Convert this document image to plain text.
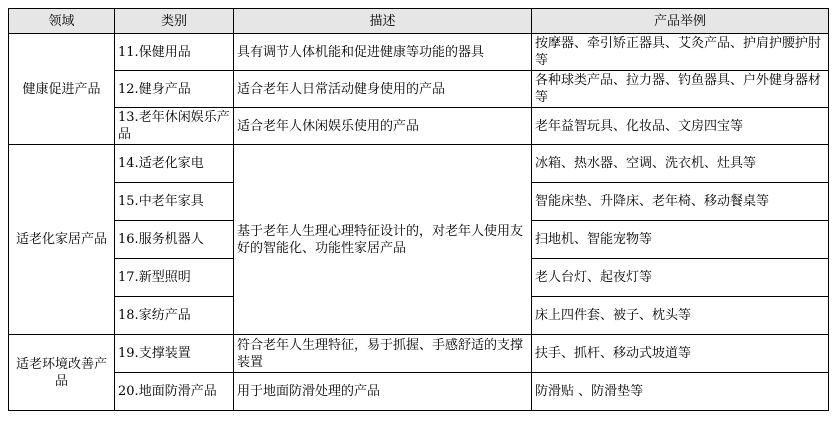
领域	类别	描述	产品举例
健康促进产品	11.保健用品	具有调节人体机能和促进健康等功能的器具	按摩器、牵引矫正器具、艾灸产品、护肩护腰护肘等
	12.健身产品	适合老年人日常活动健身使用的产品	各种球类产品、拉力器、钓鱼器具、户外健身器材等
	13.老年休闲娱乐产品	适合老年人休闲娱乐使用的产品	老年益智玩具、化妆品、文房四宝等
适老化家居产品	14.适老化家电	基于老年人生理心理特征设计的，对老年人使用友好的智能化、功能性家居产品	冰箱、热水器、空调、洗衣机、灶具等
	15.中老年家具		智能床垫、升降床、老年椅、移动餐桌等
	16.服务机器人		扫地机、智能宠物等
	17.新型照明		老人台灯、起夜灯等
	18.家纺产品		床上四件套、被子、枕头等
适老环境改善产品	19.支撑装置	符合老年人生理特征，易于抓握、手感舒适的支撑装置	扶手、抓杆、移动式坡道等
	20.地面防滑产品	用于地面防滑处理的产品	防滑贴 、防滑垫等
